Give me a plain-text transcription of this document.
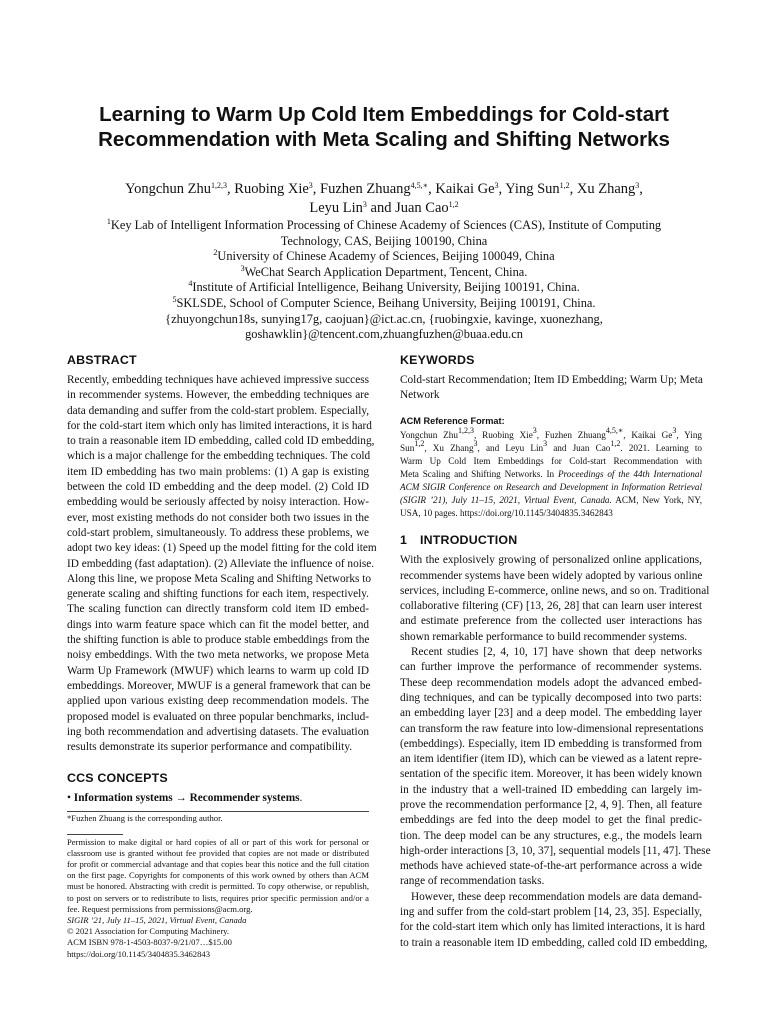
Learning to Warm Up Cold Item Embeddings for Cold-start
Recommendation with Meta Scaling and Shifting Networks
Yongchun Zhu$^{1,2,3}$, Ruobing Xie$^3$, Fuzhen Zhuang$^{4,5,∗}$, Kaikai Ge$^3$, Ying Sun$^{1,2}$, Xu Zhang$^3$,
Leyu Lin$^3$ and Juan Cao$^{1,2}$
$^1$Key Lab of Intelligent Information Processing of Chinese Academy of Sciences (CAS), Institute of Computing
Technology, CAS, Beijing 100190, China
$^2$University of Chinese Academy of Sciences, Beijing 100049, China
$^3$WeChat Search Application Department, Tencent, China.
$^4$Institute of Artificial Intelligence, Beihang University, Beijing 100191, China.
$^5$SKLSDE, School of Computer Science, Beihang University, Beijing 100191, China.
{zhuyongchun18s, sunying17g, caojuan}@ict.ac.cn, {ruobingxie, kavinge, xuonezhang,
goshawklin}@tencent.com,zhuangfuzhen@buaa.edu.cn
ABSTRACT
Recently, embedding techniques have achieved impressive success
in recommender systems. However, the embedding techniques are
data demanding and suffer from the cold-start problem. Especially,
for the cold-start item which only has limited interactions, it is hard
to train a reasonable item ID embedding, called cold ID embedding,
which is a major challenge for the embedding techniques. The cold
item ID embedding has two main problems: (1) A gap is existing
between the cold ID embedding and the deep model. (2) Cold ID
embedding would be seriously affected by noisy interaction. How-
ever, most existing methods do not consider both two issues in the
cold-start problem, simultaneously. To address these problems, we
adopt two key ideas: (1) Speed up the model fitting for the cold item
ID embedding (fast adaptation). (2) Alleviate the influence of noise.
Along this line, we propose Meta Scaling and Shifting Networks to
generate scaling and shifting functions for each item, respectively.
The scaling function can directly transform cold item ID embed-
dings into warm feature space which can fit the model better, and
the shifting function is able to produce stable embeddings from the
noisy embeddings. With the two meta networks, we propose Meta
Warm Up Framework (MWUF) which learns to warm up cold ID
embeddings. Moreover, MWUF is a general framework that can be
applied upon various existing deep recommendation models. The
proposed model is evaluated on three popular benchmarks, includ-
ing both recommendation and advertising datasets. The evaluation
results demonstrate its superior performance and compatibility.
CCS CONCEPTS
• Information systems → Recommender systems.
*Fuzhen Zhuang is the corresponding author.
Permission to make digital or hard copies of all or part of this work for personal or
classroom use is granted without fee provided that copies are not made or distributed
for profit or commercial advantage and that copies bear this notice and the full citation
on the first page. Copyrights for components of this work owned by others than ACM
must be honored. Abstracting with credit is permitted. To copy otherwise, or republish,
to post on servers or to redistribute to lists, requires prior specific permission and/or a
fee. Request permissions from permissions@acm.org.
SIGIR ’21, July 11–15, 2021, Virtual Event, Canada
© 2021 Association for Computing Machinery.
ACM ISBN 978-1-4503-8037-9/21/07…$15.00
https://doi.org/10.1145/3404835.3462843
KEYWORDS
Cold-start Recommendation; Item ID Embedding; Warm Up; Meta
Network
ACM Reference Format:
Yongchun Zhu$^{1,2,3}$, Ruobing Xie$^3$, Fuzhen Zhuang$^{4,5,∗}$, Kaikai Ge$^3$, Ying
Sun$^{1,2}$, Xu Zhang$^3$, and Leyu Lin$^3$ and Juan Cao$^{1,2}$. 2021. Learning to
Warm Up Cold Item Embeddings for Cold-start Recommendation with
Meta Scaling and Shifting Networks. In Proceedings of the 44th International
ACM SIGIR Conference on Research and Development in Information Retrieval
(SIGIR ’21), July 11–15, 2021, Virtual Event, Canada. ACM, New York, NY,
USA, 10 pages. https://doi.org/10.1145/3404835.3462843
1 INTRODUCTION
With the explosively growing of personalized online applications,
recommender systems have been widely adopted by various online
services, including E-commerce, online news, and so on. Traditional
collaborative filtering (CF) [13, 26, 28] that can learn user interest
and estimate preference from the collected user interactions has
shown remarkable performance to build recommender systems.
Recent studies [2, 4, 10, 17] have shown that deep networks
can further improve the performance of recommender systems.
These deep recommendation models adopt the advanced embed-
ding techniques, and can be typically decomposed into two parts:
an embedding layer [23] and a deep model. The embedding layer
can transform the raw feature into low-dimensional representations
(embeddings). Especially, item ID embedding is transformed from
an item identifier (item ID), which can be viewed as a latent repre-
sentation of the specific item. Moreover, it has been widely known
in the industry that a well-trained ID embedding can largely im-
prove the recommendation performance [2, 4, 9]. Then, all feature
embeddings are fed into the deep model to get the final predic-
tion. The deep model can be any structures, e.g., the models learn
high-order interactions [3, 10, 37], sequential models [11, 47]. These
methods have achieved state-of-the-art performance across a wide
range of recommendation tasks.
However, these deep recommendation models are data demand-
ing and suffer from the cold-start problem [14, 23, 35]. Especially,
for the cold-start item which only has limited interactions, it is hard
to train a reasonable item ID embedding, called cold ID embedding,
